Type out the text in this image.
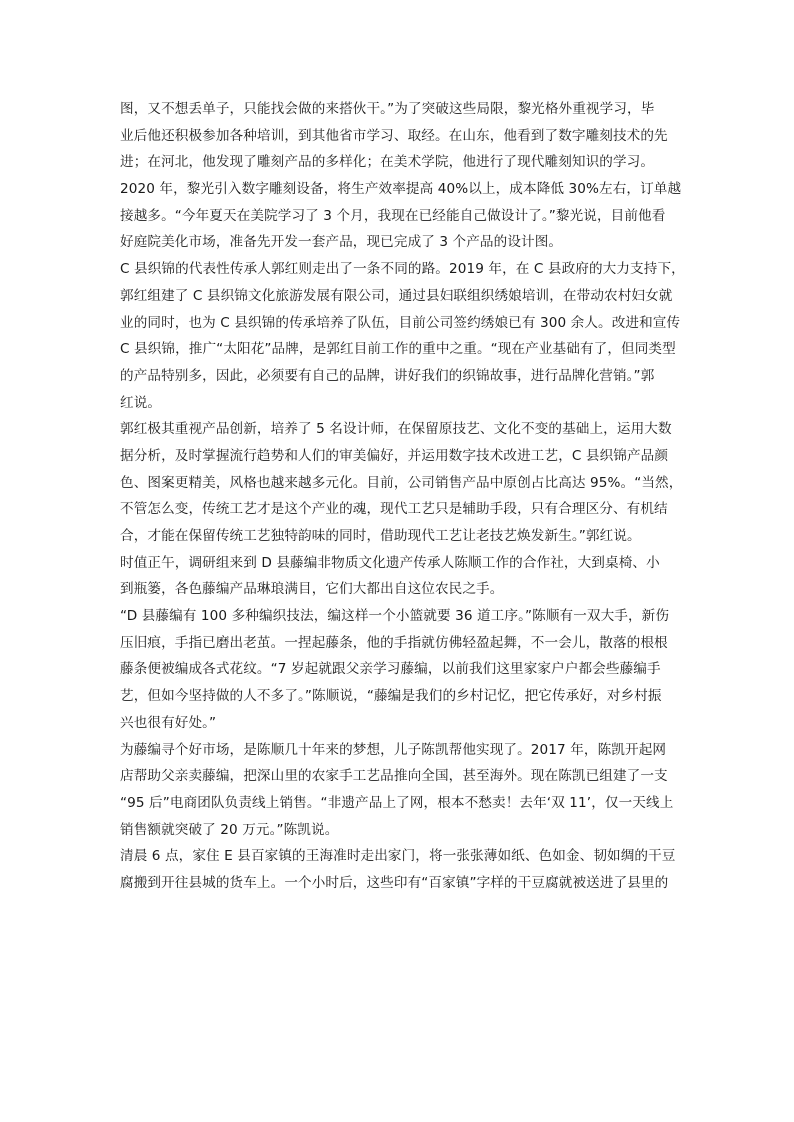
图，又不想丢单子，只能找会做的来搭伙干。”为了突破这些局限，黎光格外重视学习，毕
业后他还积极参加各种培训，到其他省市学习、取经。在山东，他看到了数字雕刻技术的先
进；在河北，他发现了雕刻产品的多样化；在美术学院，他进行了现代雕刻知识的学习。
2020 年，黎光引入数字雕刻设备，将生产效率提高 40%以上，成本降低 30%左右，订单越
接越多。“今年夏天在美院学习了 3 个月，我现在已经能自己做设计了。”黎光说，目前他看
好庭院美化市场，准备先开发一套产品，现已完成了 3 个产品的设计图。
C 县织锦的代表性传承人郭红则走出了一条不同的路。2019 年，在 C 县政府的大力支持下，
郭红组建了 C 县织锦文化旅游发展有限公司，通过县妇联组织绣娘培训，在带动农村妇女就
业的同时，也为 C 县织锦的传承培养了队伍，目前公司签约绣娘已有 300 余人。改进和宣传
C 县织锦，推广“太阳花”品牌，是郭红目前工作的重中之重。“现在产业基础有了，但同类型
的产品特别多，因此，必须要有自己的品牌，讲好我们的织锦故事，进行品牌化营销。”郭
红说。
郭红极其重视产品创新，培养了 5 名设计师，在保留原技艺、文化不变的基础上，运用大数
据分析，及时掌握流行趋势和人们的审美偏好，并运用数字技术改进工艺，C 县织锦产品颜
色、图案更精美，风格也越来越多元化。目前，公司销售产品中原创占比高达 95%。“当然，
不管怎么变，传统工艺才是这个产业的魂，现代工艺只是辅助手段，只有合理区分、有机结
合，才能在保留传统工艺独特韵味的同时，借助现代工艺让老技艺焕发新生。”郭红说。
时值正午，调研组来到 D 县藤编非物质文化遗产传承人陈顺工作的合作社，大到桌椅、小
到瓶篓，各色藤编产品琳琅满目，它们大都出自这位农民之手。
“D 县藤编有 100 多种编织技法，编这样一个小篮就要 36 道工序。”陈顺有一双大手，新伤
压旧痕，手指已磨出老茧。一捏起藤条，他的手指就仿佛轻盈起舞，不一会儿，散落的根根
藤条便被编成各式花纹。“7 岁起就跟父亲学习藤编，以前我们这里家家户户都会些藤编手
艺，但如今坚持做的人不多了。”陈顺说，“藤编是我们的乡村记忆，把它传承好，对乡村振
兴也很有好处。”
为藤编寻个好市场，是陈顺几十年来的梦想，儿子陈凯帮他实现了。2017 年，陈凯开起网
店帮助父亲卖藤编，把深山里的农家手工艺品推向全国，甚至海外。现在陈凯已组建了一支
“95 后”电商团队负责线上销售。“非遗产品上了网，根本不愁卖！去年‘双 11’，仅一天线上
销售额就突破了 20 万元。”陈凯说。
清晨 6 点，家住 E 县百家镇的王海准时走出家门，将一张张薄如纸、色如金、韧如绸的干豆
腐搬到开往县城的货车上。一个小时后，这些印有“百家镇”字样的干豆腐就被送进了县里的
